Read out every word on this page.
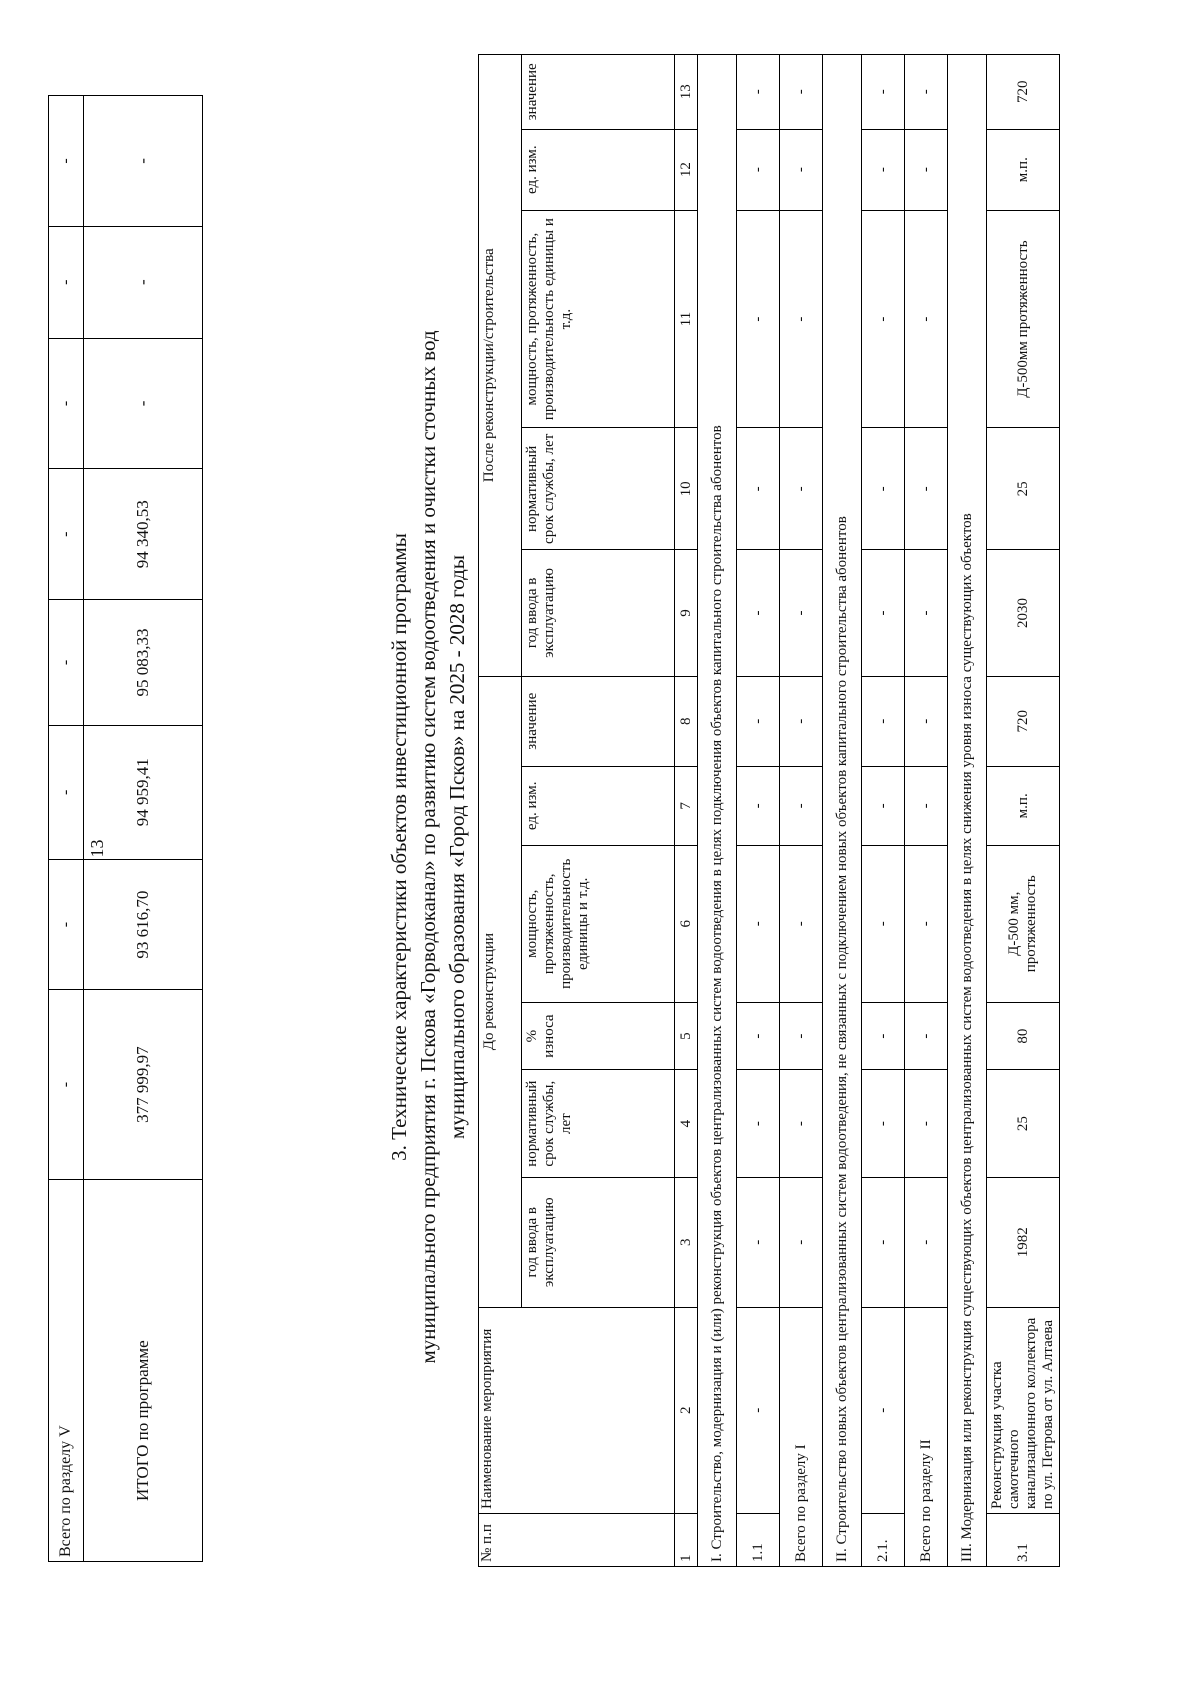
Всего по разделу V	-	-	-	-	-	-	-	-
ИТОГО по программе	377 999,97	93 616,70	94 959,41	95 083,33	94 340,53	-	-	-
13	3. Технические характеристики объектов инвестиционной программы муниципального предприятия г. Пскова «Горводоканал» по развитию систем водоотведения и очистки сточных вод муниципального образования «Город Псков» на 2025 - 2028 годы
№ п.п	Наименование мероприятия	До реконструкции						После реконструкции/строительства				
		год ввода в эксплуатацию	нормативный срок службы, лет	% износа	мощность, протяженность, производительность единицы и т.д.	ед. изм.	значение	год ввода в эксплуатацию	нормативный срок службы, лет	мощность, протяженность, производительность единицы и т.д.	ед. изм.	значение
1	2	3	4	5	6	7	8	9	10	11	12	13
I. Строительство, модернизация и (или) реконструкция объектов централизованных систем водоотведения в целях подключения объектов капитального строительства абонентов												
1.1	-	-	-	-	-	-	-	-	-	-	-	-
Всего по разделу I		-	-	-	-	-	-	-	-	-	-	-
II. Строительство новых объектов централизованных систем водоотведения, не связанных с подключением новых объектов капитального строительства абонентов												
2.1.	-	-	-	-	-	-	-	-	-	-	-	-
Всего по разделу II		-	-	-	-	-	-	-	-	-	-	-
III. Модернизация или реконструкция существующих объектов централизованных систем водоотведения в целях снижения уровня износа существующих объектов												
3.1	Реконструкция участка самотечного канализационного коллектора по ул. Петрова от ул. Алтаева	1982	25	80	Д-500 мм, протяженность	м.п.	720	2030	25	Д-500мм протяженность	м.п.	720
